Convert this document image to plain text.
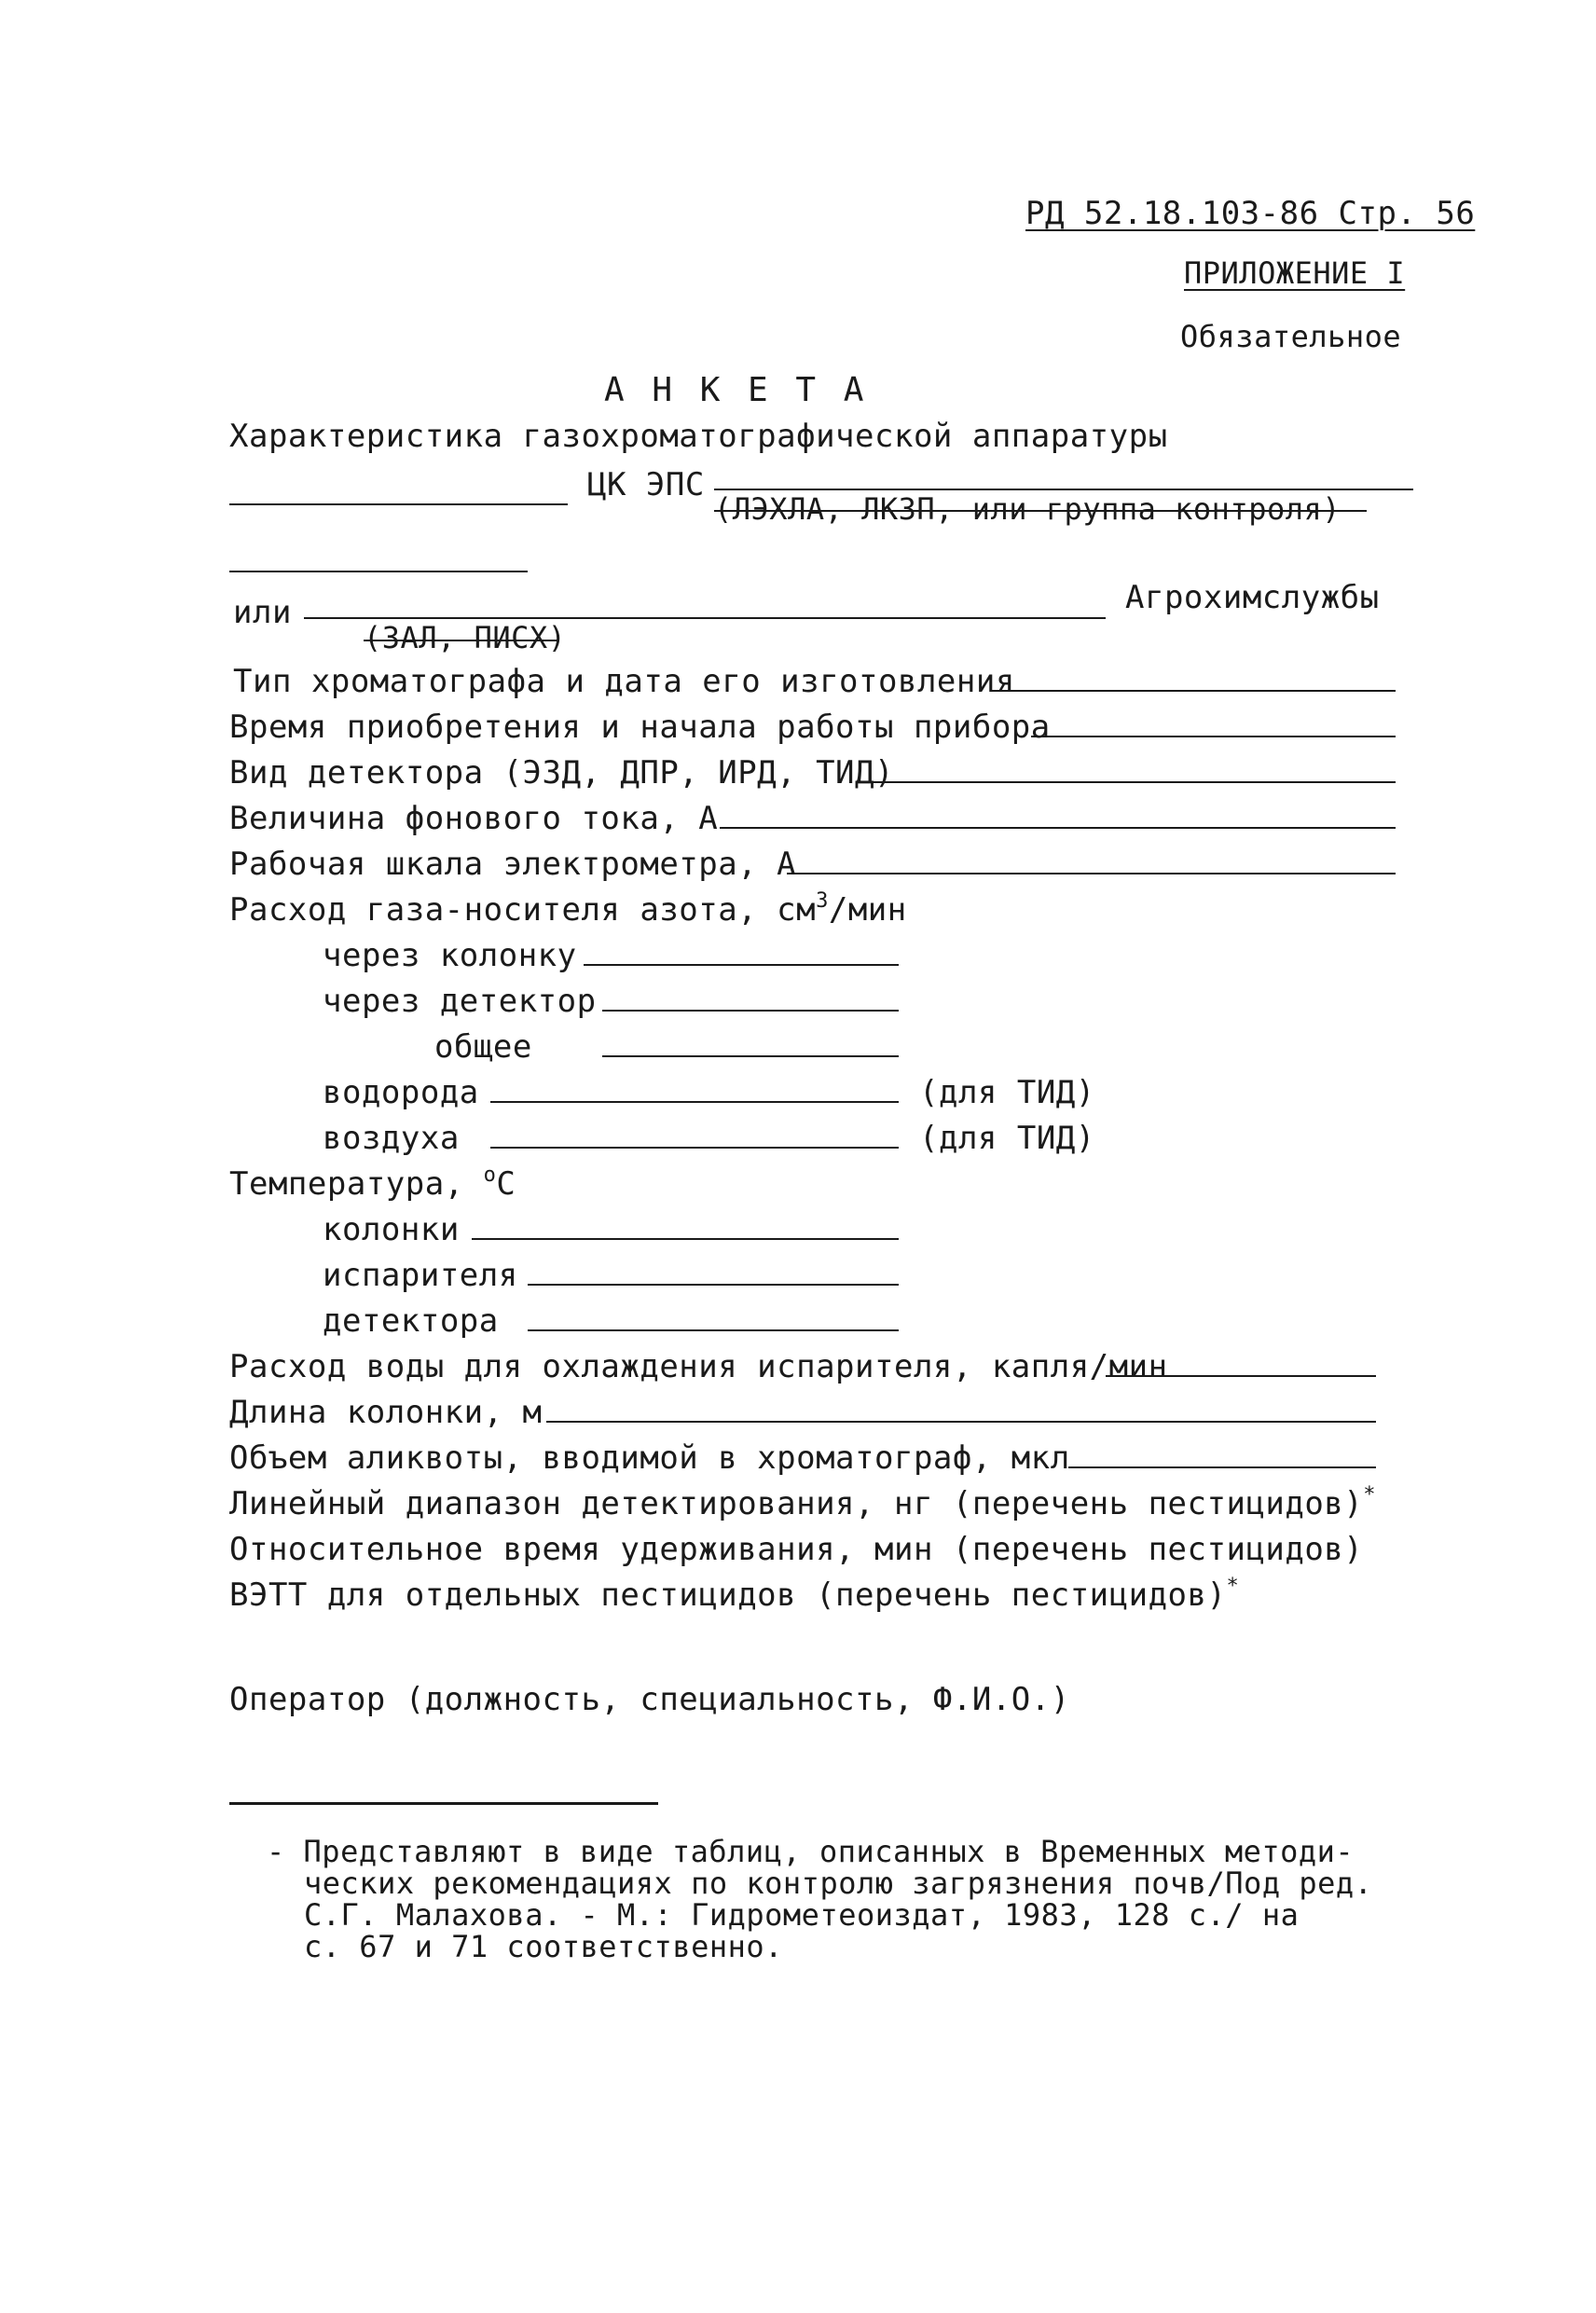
РД 52.18.103-86 Стр. 56
ПРИЛОЖЕНИЕ I
Обязательное
А Н К Е Т А
Характеристика газохроматографической аппаратуры
ЦК ЭПС
(ЛЭХЛА, ЛКЗП, или группа контроля)
или	Агрохимслужбы
(ЗАЛ, ПИСХ)
Тип хроматографа и дата его изготовления
Время приобретения и начала работы прибора
Вид детектора (ЭЗД, ДПР, ИРД, ТИД)
Величина фонового тока, А
Рабочая шкала электрометра, А
Расход газа-носителя азота, $см^3$/мин
через колонку
через детектор
общее
водорода	(для ТИД)
воздуха	(для ТИД)
Температура, $^о$С
колонки
испарителя
детектора
Расход воды для охлаждения испарителя, капля/мин
Длина колонки, м
Объем аликвоты, вводимой в хроматограф, мкл
Линейный диапазон детектирования, нг (перечень пестицидов)*
Относительное время удерживания, мин (перечень пестицидов)
ВЭТТ для отдельных пестицидов (перечень пестицидов)*
Оператор (должность, специальность, Ф.И.О.)
- Представляют в виде таблиц, описанных в Временных методи-
ческих рекомендациях по контролю загрязнения почв/Под ред.
С.Г. Малахова. - М.: Гидрометеоиздат, 1983, 128 с./ на
с. 67 и 71 соответственно.
